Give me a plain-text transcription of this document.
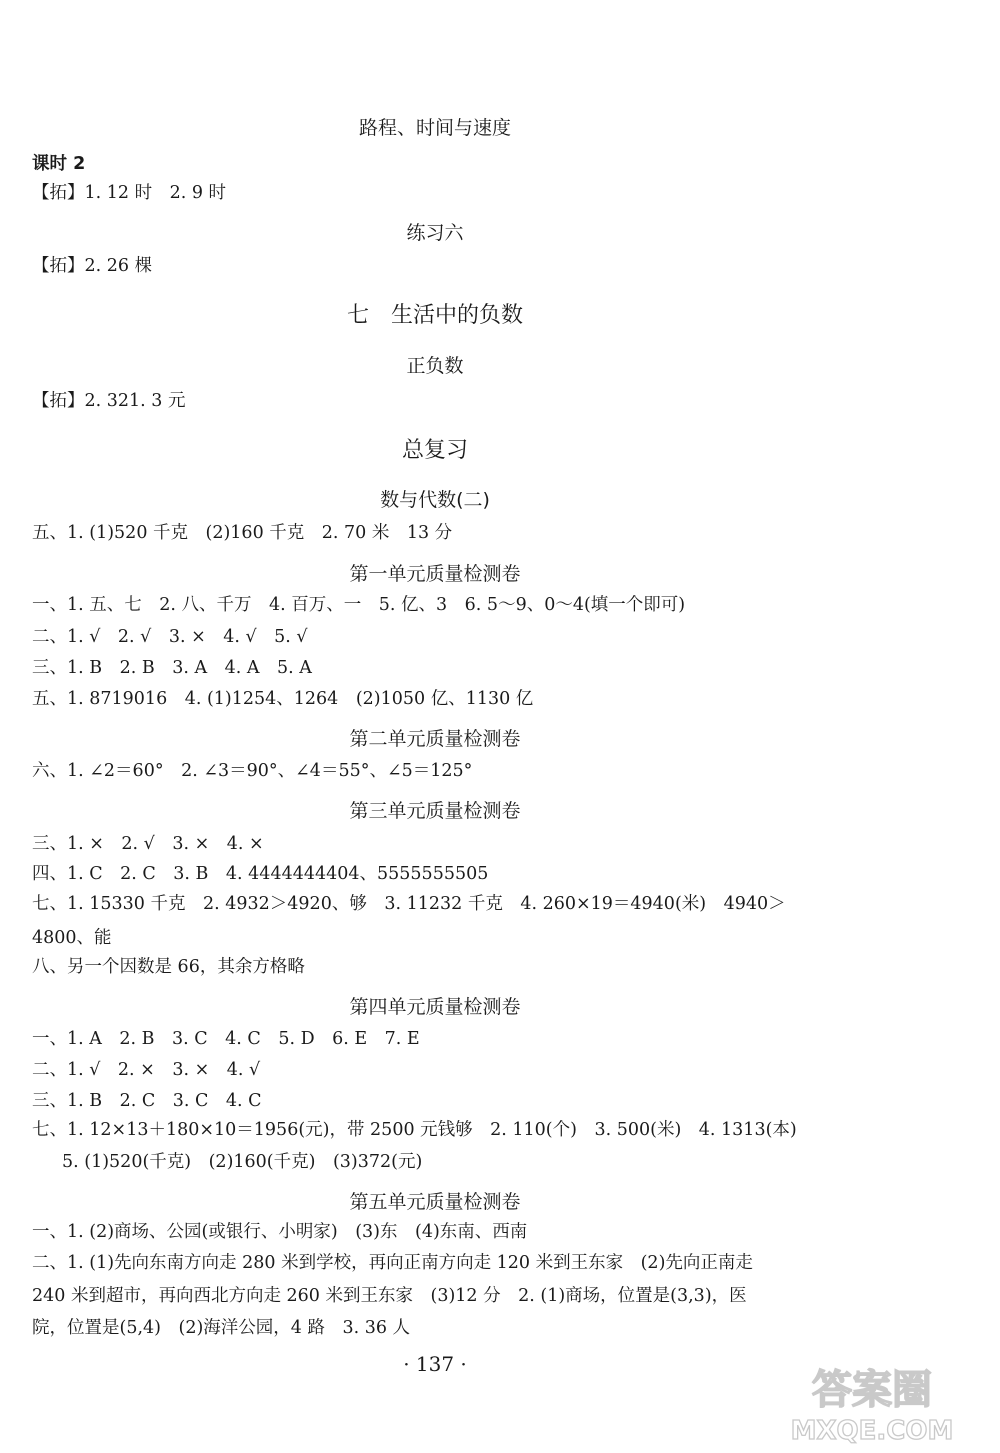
路程、时间与速度
课时 2
【拓】1. 12 时　2. 9 时
练习六
【拓】2. 26 棵
七　生活中的负数
正负数
【拓】2. 321. 3 元
总复习
数与代数(二)
五、1. (1)520 千克　(2)160 千克　2. 70 米　13 分
第一单元质量检测卷
一、1. 五、七　2. 八、千万　4. 百万、一　5. 亿、3　6. 5～9、0～4(填一个即可)
二、1. √　2. √　3. ×　4. √　5. √
三、1. B　2. B　3. A　4. A　5. A
五、1. 8719016　4. (1)1254、1264　(2)1050 亿、1130 亿
第二单元质量检测卷
六、1. ∠2＝60°　2. ∠3＝90°、∠4＝55°、∠5＝125°
第三单元质量检测卷
三、1. ×　2. √　3. ×　4. ×
四、1. C　2. C　3. B　4. 4444444404、5555555505
七、1. 15330 千克　2. 4932＞4920、够　3. 11232 千克　4. 260×19＝4940(米)　4940＞
4800、能
八、另一个因数是 66，其余方格略
第四单元质量检测卷
一、1. A　2. B　3. C　4. C　5. D　6. E　7. E
二、1. √　2. ×　3. ×　4. √
三、1. B　2. C　3. C　4. C
七、1. 12×13＋180×10＝1956(元)，带 2500 元钱够　2. 110(个)　3. 500(米)　4. 1313(本)
5. (1)520(千克)　(2)160(千克)　(3)372(元)
第五单元质量检测卷
一、1. (2)商场、公园(或银行、小明家)　(3)东　(4)东南、西南
二、1. (1)先向东南方向走 280 米到学校，再向正南方向走 120 米到王东家　(2)先向正南走
240 米到超市，再向西北方向走 260 米到王东家　(3)12 分　2. (1)商场，位置是(3,3)，医
院，位置是(5,4)　(2)海洋公园，4 路　3. 36 人
· 137 ·
答案圈
MXQE.COM
